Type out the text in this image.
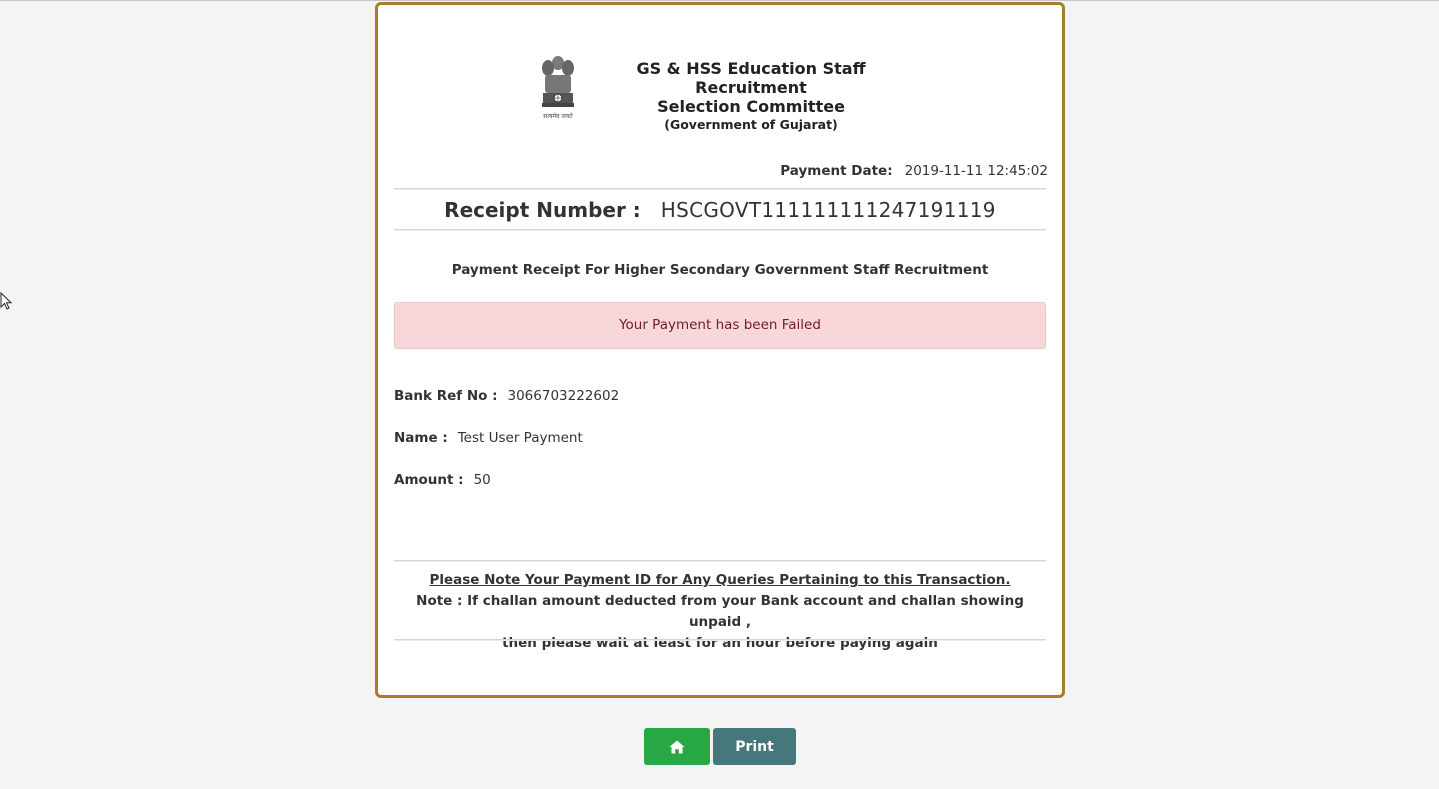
सत्यमेव जयते
GS & HSS Education Staff Recruitment
Selection Committee
(Government of Gujarat)
Payment Date: 2019-11-11 12:45:02
Receipt Number : HSCGOVT111111111247191119
Payment Receipt For Higher Secondary Government Staff Recruitment
Your Payment has been Failed
Bank Ref No : 3066703222602
Name : Test User Payment
Amount : 50
Please Note Your Payment ID for Any Queries Pertaining to this Transaction.
Note : If challan amount deducted from your Bank account and challan showing unpaid ,
then please wait at least for an hour before paying again
Print
